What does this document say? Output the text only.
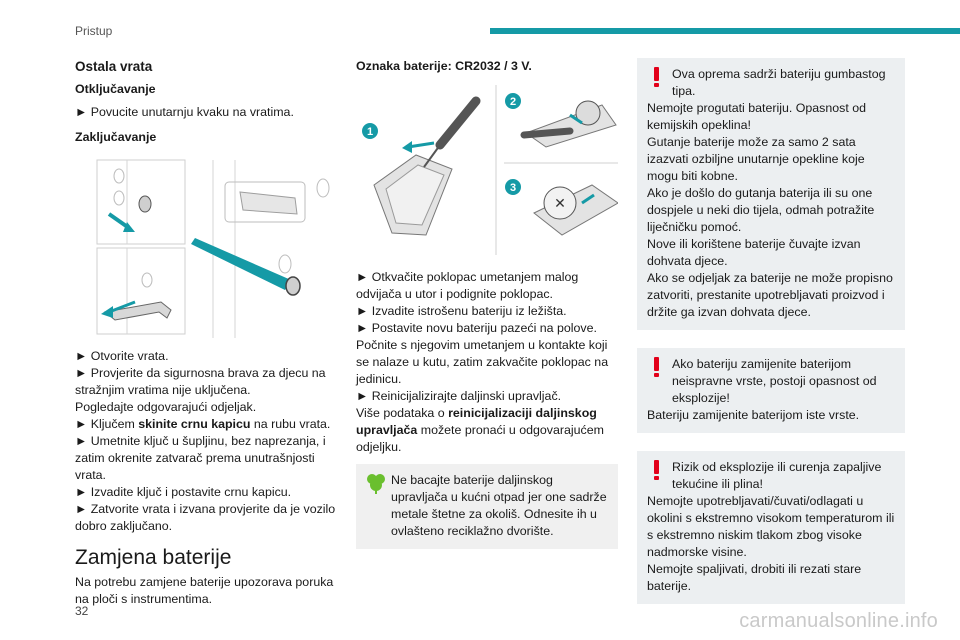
Pristup
Ostala vrata
Otključavanje

► Povucite unutarnju kvaku na vratima.

Zaključavanje

► Otvorite vrata.
► Provjerite da sigurnosna brava za djecu na stražnjim vratima nije uključena.
Pogledajte odgovarajući odjeljak.
► Ključem skinite crnu kapicu na rubu vrata.
► Umetnite ključ u šupljinu, bez naprezanja, i zatim okrenite zatvarač prema unutrašnjosti vrata.
► Izvadite ključ i postavite crnu kapicu.
► Zatvorite vrata i izvana provjerite da je vozilo dobro zaključano.

Zamjena baterije

Na potrebu zamjene baterije upozorava poruka na ploči s instrumentima.

Oznaka baterije: CR2032 / 3 V.
1
2
3
✕

► Otkvačite poklopac umetanjem malog odvijača u utor i podignite poklopac.
► Izvadite istrošenu bateriju iz ležišta.
► Postavite novu bateriju pazeći na polove.
Počnite s njegovim umetanjem u kontakte koji se nalaze u kutu, zatim zakvačite poklopac na jedinicu.
► Reinicijalizirajte daljinski upravljač.
Više podataka o reinicijalizaciji daljinskog upravljača možete pronaći u odgovarajućem odjeljku.

Ne bacajte baterije daljinskog upravljača u kućni otpad jer one sadrže metale štetne za okoliš. Odnesite ih u ovlašteno reciklažno dvorište.
Ova oprema sadrži bateriju gumbastog tipa.
Nemojte progutati bateriju. Opasnost od kemijskih opeklina!
Gutanje baterije može za samo 2 sata izazvati ozbiljne unutarnje opekline koje mogu biti kobne.
Ako je došlo do gutanja baterija ili su one dospjele u neki dio tijela, odmah potražite liječničku pomoć.
Nove ili korištene baterije čuvajte izvan dohvata djece.
Ako se odjeljak za baterije ne može propisno zatvoriti, prestanite upotrebljavati proizvod i držite ga izvan dohvata djece.
Ako bateriju zamijenite baterijom neispravne vrste, postoji opasnost od eksplozije!
Bateriju zamijenite baterijom iste vrste.
Rizik od eksplozije ili curenja zapaljive tekućine ili plina!
Nemojte upotrebljavati/čuvati/odlagati u okolini s ekstremno visokom temperaturom ili s ekstremno niskim tlakom zbog visoke nadmorske visine.
Nemojte spaljivati, drobiti ili rezati stare baterije.
32	carmanualsonline.info
